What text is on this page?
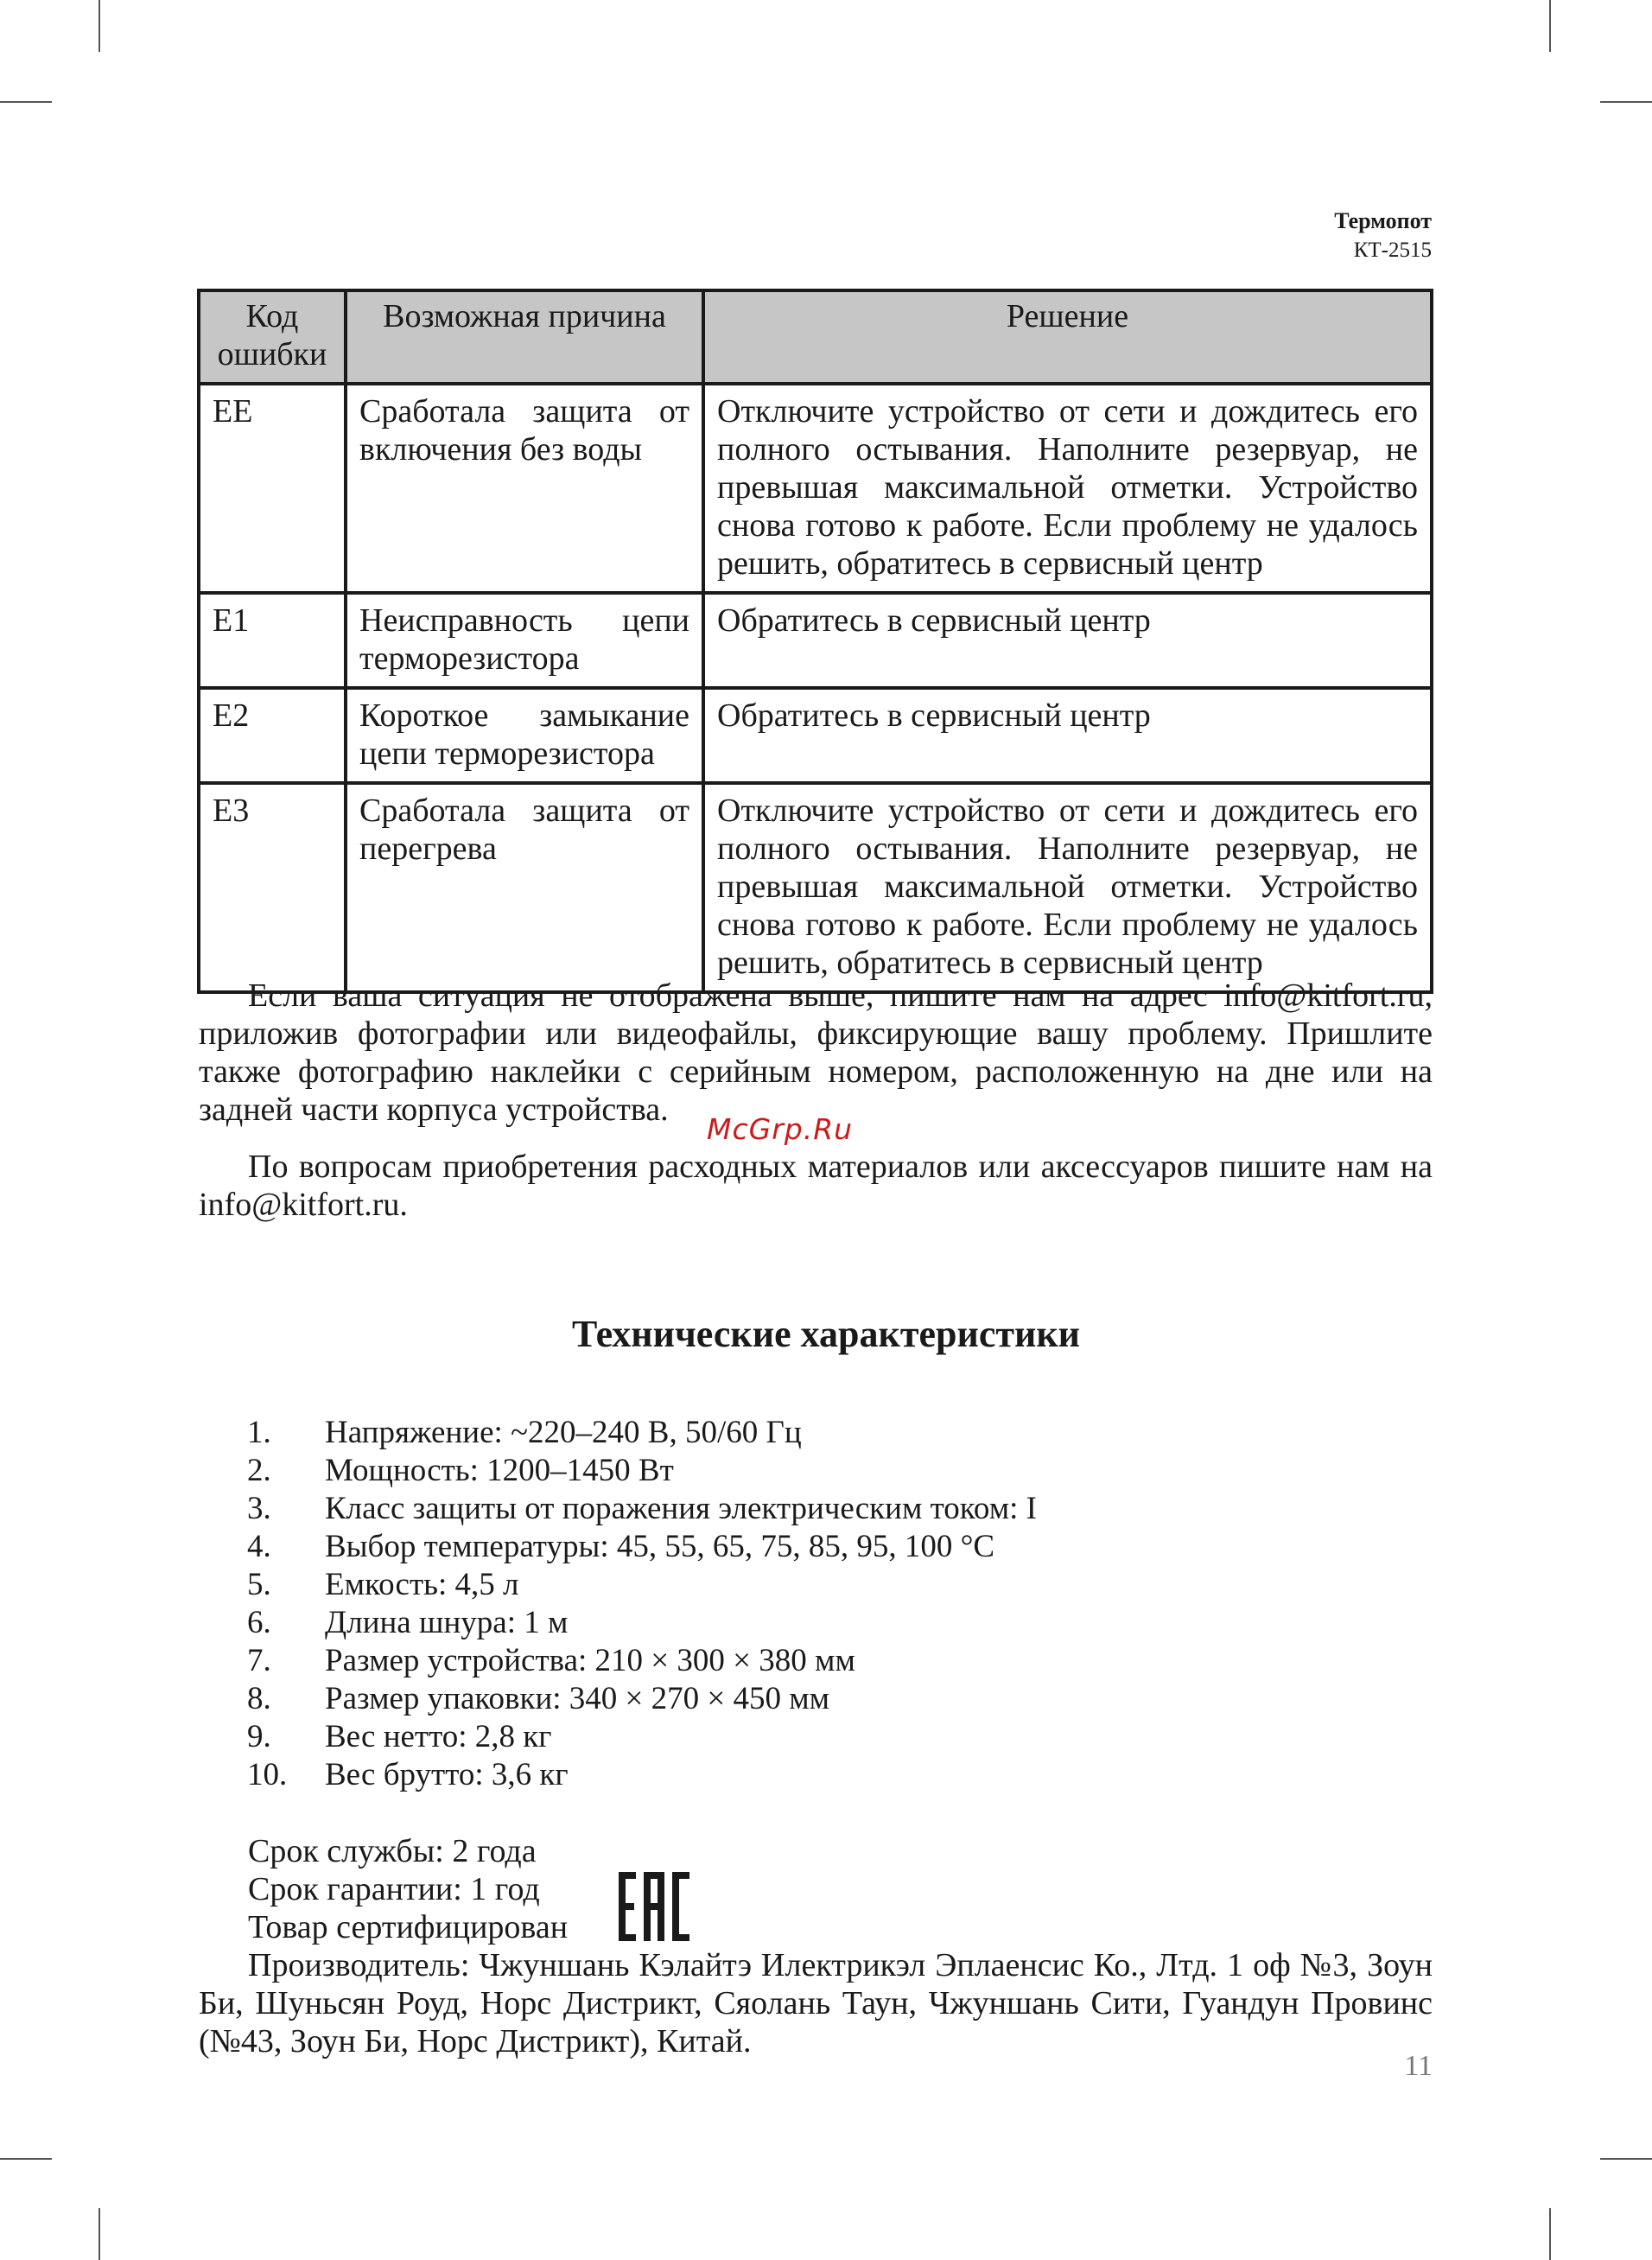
Термопот
КТ-2515
Код ошибки	Возможная причина	Решение
ЕЕ	Сработала защита от включения без воды	Отключите устройство от сети и дождитесь его полного остывания. Наполните резервуар, не превышая максимальной отметки. Устройство снова готово к работе. Если проблему не удалось решить, обратитесь в сервисный центр
Е1	Неисправность цепи терморезистора	Обратитесь в сервисный центр
Е2	Короткое замыкание цепи терморезистора	Обратитесь в сервисный центр
Е3	Сработала защита от перегрева	Отключите устройство от сети и дождитесь его полного остывания. Наполните резервуар, не превышая максимальной отметки. Устройство снова готово к работе. Если проблему не удалось решить, обратитесь в сервисный центр

Если ваша ситуация не отображена выше, пишите нам на адрес info@kitfort.ru, приложив фотографии или видеофайлы, фиксирующие вашу проблему. Пришлите также фотографию наклейки с серийным номером, расположенную на дне или на задней части корпуса устройства.

McGrp.Ru

По вопросам приобретения расходных материалов или аксессуаров пишите нам на info@kitfort.ru.

Технические характеристики
1.	Напряжение: ~220–240 В, 50/60 Гц
2.	Мощность: 1200–1450 Вт
3.	Класс защиты от поражения электрическим током: I
4.	Выбор температуры: 45, 55, 65, 75, 85, 95, 100 °С
5.	Емкость: 4,5 л
6.	Длина шнура: 1 м
7.	Размер устройства: 210 × 300 × 380 мм
8.	Размер упаковки: 340 × 270 × 450 мм
9.	Вес нетто: 2,8 кг
10.	Вес брутто: 3,6 кг
Срок службы: 2 года
Срок гарантии: 1 год
Товар сертифицирован

Производитель: Чжуншань Кэлайтэ Илектрикэл Эплаенсис Ко., Лтд. 1 оф №3, Зоун Би, Шуньсян Роуд, Норс Дистрикт, Сяолань Таун, Чжуншань Сити, Гуандун Провинс (№43, Зоун Би, Норс Дистрикт), Китай.

11
